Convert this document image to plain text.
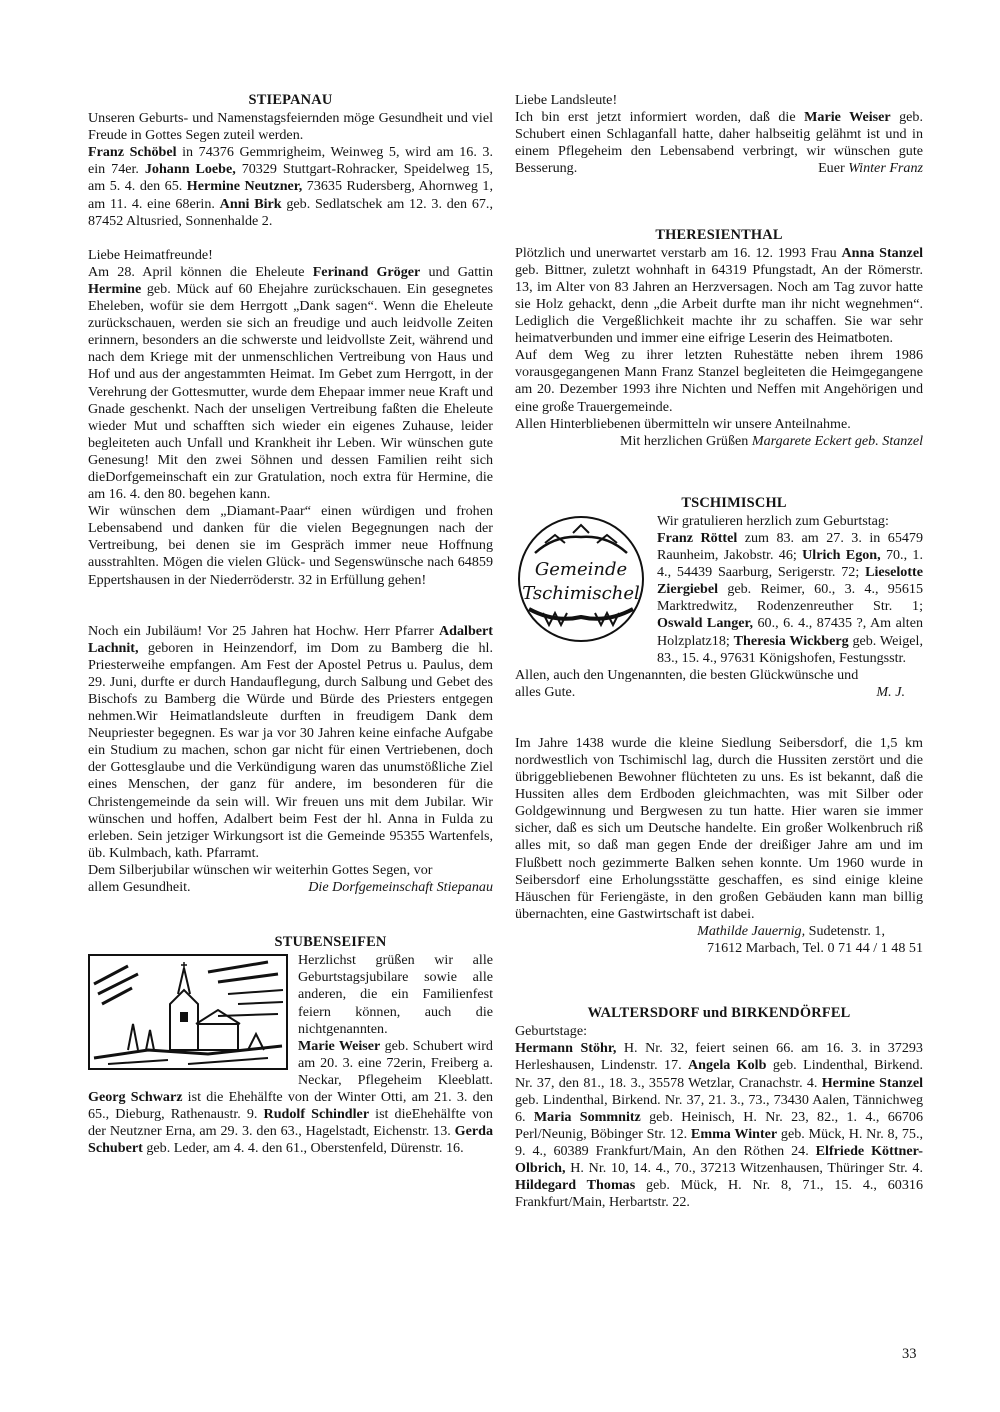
STIEPANAU

Unseren Geburts- und Namenstagsfeiernden möge Gesundheit und viel Freude in Gottes Segen zuteil werden.

Franz Schöbel in 74376 Gemmrigheim, Weinweg 5, wird am 16. 3. ein 74er. Johann Loebe, 70329 Stuttgart-Rohracker, Speidelweg 15, am 5. 4. den 65. Hermine Neutzner, 73635 Rudersberg, Ahornweg 1, am 11. 4. eine 68erin. Anni Birk geb. Sedlatschek am 12. 3. den 67., 87452 Altusried, Sonnenhalde 2.

Liebe Heimatfreunde!

Am 28. April können die Eheleute Ferinand Gröger und Gattin Hermine geb. Mück auf 60 Ehejahre zurückschauen. Ein gesegnetes Eheleben, wofür sie dem Herrgott „Dank sagen“. Wenn die Eheleute zurückschauen, werden sie sich an freudige und auch leidvolle Zeiten erinnern, besonders an die schwerste und leidvollste Zeit, während und nach dem Kriege mit der unmenschlichen Vertreibung von Haus und Hof und aus der angestammten Heimat. Im Gebet zum Herrgott, in der Verehrung der Gottesmutter, wurde dem Ehepaar immer neue Kraft und Gnade geschenkt. Nach der unseligen Vertreibung faßten die Eheleute wieder Mut und schafften sich wieder ein eigenes Zuhause, leider begleiteten auch Unfall und Krankheit ihr Leben. Wir wünschen gute Genesung! Mit den zwei Söhnen und dessen Familien reiht sich dieDorfgemeinschaft ein zur Gratulation, noch extra für Hermine, die am 16. 4. den 80. begehen kann.

Wir wünschen dem „Diamant-Paar“ einen würdigen und frohen Lebensabend und danken für die vielen Begegnungen nach der Vertreibung, bei denen sie im Gespräch immer neue Hoffnung ausstrahlten. Mögen die vielen Glück- und Segenswünsche nach 64859 Eppertshausen in der Niederröderstr. 32 in Erfüllung gehen!

Noch ein Jubiläum! Vor 25 Jahren hat Hochw. Herr Pfarrer Adalbert Lachnit, geboren in Heinzendorf, im Dom zu Bamberg die hl. Priesterweihe empfangen. Am Fest der Apostel Petrus u. Paulus, dem 29. Juni, durfte er durch Handauflegung, durch Salbung und Gebet des Bischofs zu Bamberg die Würde und Bürde des Priesters entgegen nehmen.Wir Heimatlandsleute durften in freudigem Dank dem Neupriester begegnen. Es war ja vor 30 Jahren keine einfache Aufgabe ein Studium zu machen, schon gar nicht für einen Vertriebenen, doch der Gottesglaube und die Verkündigung waren das unumstößliche Ziel eines Menschen, der ganz für andere, im besonderen für die Christengemeinde da sein will. Wir freuen uns mit dem Jubilar. Wir wünschen und hoffen, Adalbert beim Fest der hl. Anna in Fulda zu erleben. Sein jetziger Wirkungsort ist die Gemeinde 95355 Wartenfels, üb. Kulmbach, kath. Pfarramt.

Dem Silberjubilar wünschen wir weiterhin Gottes Segen, vor

allem Gesundheit.	Die Dorfgemeinschaft Stiepanau

STUBENSEIFEN

Herzlichst grüßen wir alle Geburtstagsjubilare sowie alle anderen, die ein Familienfest feiern können, auch die nichtgenannten.

Marie Weiser geb. Schubert wird am 20. 3. eine 72erin, Freiberg a. Neckar, Pflegeheim Kleeblatt. Georg Schwarz ist die Ehehälfte von der Winter Otti, am 21. 3. den 65., Dieburg, Rathenaustr. 9. Rudolf Schindler ist dieEhehälfte von der Neutzner Erna, am 29. 3. den 63., Hagelstadt, Eichenstr. 13. Gerda Schubert geb. Leder, am 4. 4. den 61., Oberstenfeld, Dürenstr. 16.

Liebe Landsleute!

Ich bin erst jetzt informiert worden, daß die Marie Weiser geb. Schubert einen Schlaganfall hatte, daher halbseitig gelähmt ist und in einem Pflegeheim den Lebensabend verbringt, wir wünschen gute Besserung.	Euer Winter Franz

THERESIENTHAL

Plötzlich und unerwartet verstarb am 16. 12. 1993 Frau Anna Stanzel geb. Bittner, zuletzt wohnhaft in 64319 Pfungstadt, An der Römerstr. 13, im Alter von 83 Jahren an Herzversagen. Noch am Tag zuvor hatte sie Holz gehackt, denn „die Arbeit durfte man ihr nicht wegnehmen“. Lediglich die Vergeßlichkeit machte ihr zu schaffen. Sie war sehr heimatverbunden und immer eine eifrige Leserin des Heimatboten.

Auf dem Weg zu ihrer letzten Ruhestätte neben ihrem 1986 vorausgegangenen Mann Franz Stanzel begleiteten die Heimgegangene am 20. Dezember 1993 ihre Nichten und Neffen mit Angehörigen und eine große Trauergemeinde.

Allen Hinterbliebenen übermitteln wir unsere Anteilnahme.

Mit herzlichen Grüßen Margarete Eckert geb. Stanzel

TSCHIMISCHL

Gemeinde
Tschimischel

Wir gratulieren herzlich zum Geburtstag:

Franz Röttel zum 83. am 27. 3. in 65479 Raunheim, Jakobstr. 46; Ulrich Egon, 70., 1. 4., 54439 Saarburg, Serigerstr. 72; Lieselotte Ziergiebel geb. Reimer, 60., 3. 4., 95615 Marktredwitz, Rodenzenreuther Str. 1; Oswald Langer, 60., 6. 4., 87435 ?, Am alten Holzplatz18; Theresia Wickberg geb. Weigel, 83., 15. 4., 97631 Königshofen, Festungsstr.

Allen, auch den Ungenannten, die besten Glückwünsche und

alles Gute.	M. J.

Im Jahre 1438 wurde die kleine Siedlung Seibersdorf, die 1,5 km nordwestlich von Tschimischl lag, durch die Hussiten zerstört und die übriggebliebenen Bewohner flüchteten zu uns. Es ist bekannt, daß die Hussiten alles dem Erdboden gleichmachten, was mit Silber oder Goldgewinnung und Bergwesen zu tun hatte. Hier waren sie immer sicher, daß es sich um Deutsche handelte. Ein großer Wolkenbruch riß alles mit, so daß man gegen Ende der dreißiger Jahre am und im Flußbett noch gezimmerte Balken sehen konnte. Um 1960 wurde in Seibersdorf eine Erholungsstätte geschaffen, es sind einige kleine Häuschen für Feriengäste, in den großen Gebäuden kann man billig übernachten, eine Gastwirtschaft ist dabei.

Mathilde Jauernig, Sudetenstr. 1,

71612 Marbach, Tel. 0 71 44 / 1 48 51

WALTERSDORF und BIRKENDÖRFEL

Geburtstage:

Hermann Stöhr, H. Nr. 32, feiert seinen 66. am 16. 3. in 37293 Herleshausen, Lindenstr. 17. Angela Kolb geb. Lindenthal, Birkend. Nr. 37, den 81., 18. 3., 35578 Wetzlar, Cranachstr. 4. Hermine Stanzel geb. Lindenthal, Birkend. Nr. 37, 21. 3., 73., 73430 Aalen, Tännichweg 6. Maria Sommnitz geb. Heinisch, H. Nr. 23, 82., 1. 4., 66706 Perl/Neunig, Böbinger Str. 12. Emma Winter geb. Mück, H. Nr. 8, 75., 9. 4., 60389 Frankfurt/Main, An den Röthen 24. Elfriede Köttner-Olbrich, H. Nr. 10, 14. 4., 70., 37213 Witzenhausen, Thüringer Str. 4. Hildegard Thomas geb. Mück, H. Nr. 8, 71., 15. 4., 60316 Frankfurt/Main, Herbartstr. 22.

33
